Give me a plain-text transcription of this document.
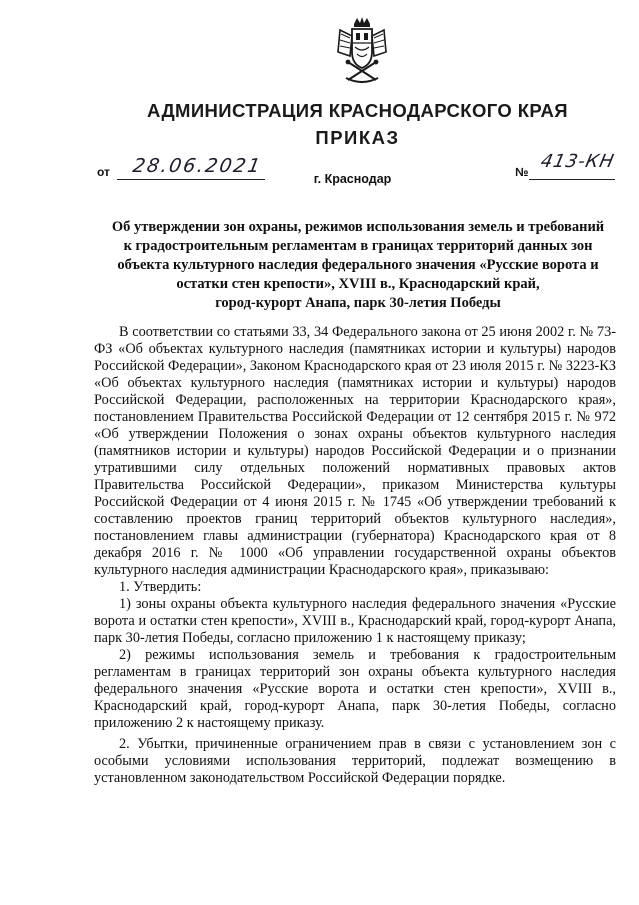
АДМИНИСТРАЦИЯ КРАСНОДАРСКОГО КРАЯ
ПРИКАЗ
от 28.06.2021	№ 413-КН
г. Краснодар
Об утверждении зон охраны, режимов использования земель и требований
к градостроительным регламентам в границах территорий данных зон
объекта культурного наследия федерального значения «Русские ворота и
остатки стен крепости», XVIII в., Краснодарский край,
город-курорт Анапа, парк 30-летия Победы

В соответствии со статьями 33, 34 Федерального закона от 25 июня 2002 г. № 73-ФЗ «Об объектах культурного наследия (памятниках истории и культуры) народов Российской Федерации», Законом Краснодарского края от 23 июля 2015 г. № 3223-КЗ «Об объектах культурного наследия (памятниках истории и культуры) народов Российской Федерации, расположенных на территории Краснодарского края», постановлением Правительства Российской Федерации от 12 сентября 2015 г. № 972 «Об утверждении Положения о зонах охраны объектов культурного наследия (памятников истории и культуры) народов Российской Федерации и о признании утратившими силу отдельных положений нормативных правовых актов Правительства Российской Федерации», приказом Министерства культуры Российской Федерации от 4 июня 2015 г. № 1745 «Об утверждении требований к составлению проектов границ территорий объектов культурного наследия», постановлением главы администрации (губернатора) Краснодарского края от 8 декабря 2016 г. № 1000 «Об управлении государственной охраны объектов культурного наследия администрации Краснодарского края», приказываю:

1. Утвердить:

1) зоны охраны объекта культурного наследия федерального значения «Русские ворота и остатки стен крепости», XVIII в., Краснодарский край, город-курорт Анапа, парк 30-летия Победы, согласно приложению 1 к настоящему приказу;

2) режимы использования земель и требования к градостроительным регламентам в границах территорий зон охраны объекта культурного наследия федерального значения «Русские ворота и остатки стен крепости», XVIII в., Краснодарский край, город-курорт Анапа, парк 30-летия Победы, согласно приложению 2 к настоящему приказу.

2. Убытки, причиненные ограничением прав в связи с установлением зон с особыми условиями использования территорий, подлежат возмещению в установленном законодательством Российской Федерации порядке.
